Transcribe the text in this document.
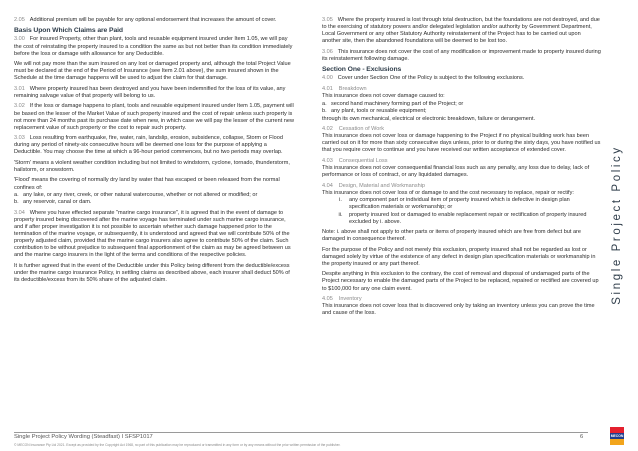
2.05 Additional premium will be payable for any optional endorsement that increases the amount of cover.

Basis Upon Which Claims are Paid

3.00 For insured Property, other than plant, tools and reusable equipment insured under Item 1.05, we will pay the cost of reinstating the property insured to a condition the same as but not better than its condition immediately before the loss or damage with allowance for any Deductible.

We will not pay more than the sum insured on any lost or damaged property and, although the total Project Value must be declared at the end of the Period of Insurance (see Item 2.01 above), the sum insured shown in the Schedule at the time damage happens will be used to adjust the claim for that damage.

3.01 Where property insured has been destroyed and you have been indemnified for the loss of its value, any remaining salvage value of that property will belong to us.

3.02 If the loss or damage happens to plant, tools and reusable equipment insured under Item 1.05, payment will be based on the lesser of the Market Value of such property insured and the cost of repair unless such property is not more than 24 months past its purchase date when new, in which case we will pay the lesser of the current new replacement value of such property or the cost to repair such property.

3.03 Loss resulting from earthquake, fire, water, rain, landslip, erosion, subsidence, collapse, Storm or Flood during any period of ninety-six consecutive hours will be deemed one loss for the purpose of applying a Deductible. You may choose the time at which a 96-hour period commences, but no two periods may overlap.

'Storm' means a violent weather condition including but not limited to windstorm, cyclone, tornado, thunderstorm, hailstorm, or snowstorm.

'Flood' means the covering of normally dry land by water that has escaped or been released from the normal confines of:

a. any lake, or any river, creek, or other natural watercourse, whether or not altered or modified; or
b. any reservoir, canal or dam.

3.04 Where you have effected separate "marine cargo insurance", it is agreed that in the event of damage to property insured being discovered after the marine voyage has terminated under such marine cargo insurance, and if after proper investigation it is not possible to ascertain whether such damage happened prior to the termination of the marine voyage, or subsequently, it is understood and agreed that we will contribute 50% of the properly adjusted claim, provided that the marine cargo insurers also agree to contribute 50% of the claim. Such contribution to be without prejudice to subsequent final apportionment of the claim as may be agreed between us and the marine cargo insurers in the light of the terms and conditions of the respective policies.

It is further agreed that in the event of the Deductible under this Policy being different from the deductible/excess under the marine cargo insurance Policy, in settling claims as described above, each insurer shall deduct 50% of its deductible/excess from its 50% share of the adjusted claim.

3.05 Where the property insured is lost through total destruction, but the foundations are not destroyed, and due to the exercising of statutory powers and/or delegated legislation and/or authority by Government Department, Local Government or any other Statutory Authority reinstatement of the Project has to be carried out upon another site, then the abandoned foundations will be deemed to be lost too.

3.06 This insurance does not cover the cost of any modification or improvement made to property insured during its reinstatement following damage.

Section One - Exclusions

4.00 Cover under Section One of the Policy is subject to the following exclusions.

4.01 Breakdown

This insurance does not cover damage caused to:

a. second hand machinery forming part of the Project; or
b. any plant, tools or reusable equipment;

through its own mechanical, electrical or electronic breakdown, failure or derangement.

4.02 Cessation of Work

This insurance does not cover loss or damage happening to the Project if no physical building work has been carried out on it for more than sixty consecutive days unless, prior to or during the sixty days, you have notified us that you require cover to continue and you have received our written acceptance of extended cover.

4.03 Consequential Loss

This insurance does not cover consequential financial loss such as any penalty, any loss due to delay, lack of performance or loss of contract, or any liquidated damages.

4.04 Design, Material and Workmanship

This insurance does not cover loss of or damage to and the cost necessary to replace, repair or rectify:

i.	any component part or individual item of property insured which is defective in design plan specification materials or workmanship; or
ii.	property insured lost or damaged to enable replacement repair or rectification of property insured excluded by i. above.

Note: i. above shall not apply to other parts or items of property insured which are free from defect but are damaged in consequence thereof.

For the purpose of the Policy and not merely this exclusion, property insured shall not be regarded as lost or damaged solely by virtue of the existence of any defect in design plan specification materials or workmanship in the property insured or any part thereof.

Despite anything in this exclusion to the contrary, the cost of removal and disposal of undamaged parts of the Project necessary to enable the damaged parts of the Project to be replaced, repaired or rectified are covered up to $100,000 for any one claim event.

4.05 Inventory

This insurance does not cover loss that is discovered only by taking an inventory unless you can prove the time and cause of the loss.

Single Project Policy
Single Project Policy Wording (Steadfast) I SFSP1017	6
© MECON Insurance Pty Ltd 2021. Except as provided by the Copyright Act 1968, no part of this publication may be reproduced or transmitted in any form or by any means without the prior written permission of the publisher.
MECON
